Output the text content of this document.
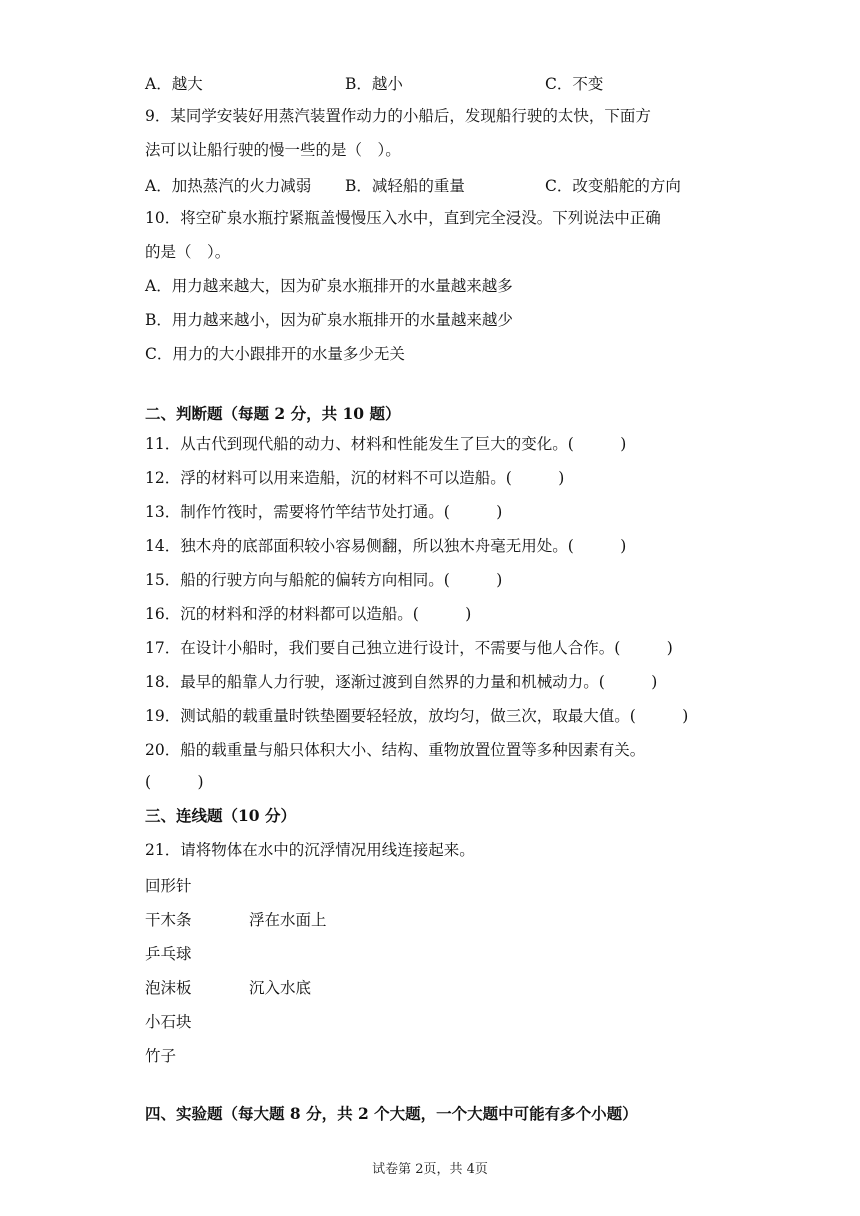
A．越大	B．越小	C．不变
9．某同学安装好用蒸汽装置作动力的小船后，发现船行驶的太快，下面方
法可以让船行驶的慢一些的是（　）。
A．加热蒸汽的火力减弱 B．减轻船的重量	C．改变船舵的方向
10．将空矿泉水瓶拧紧瓶盖慢慢压入水中，直到完全浸没。下列说法中正确
的是（　）。
A．用力越来越大，因为矿泉水瓶排开的水量越来越多
B．用力越来越小，因为矿泉水瓶排开的水量越来越少
C．用力的大小跟排开的水量多少无关
二、判断题（每题 2 分，共 10 题）
11．从古代到现代船的动力、材料和性能发生了巨大的变化。(　　　)
12．浮的材料可以用来造船，沉的材料不可以造船。(　　　)
13．制作竹筏时，需要将竹竿结节处打通。(　　　)
14．独木舟的底部面积较小容易侧翻，所以独木舟毫无用处。(　　　)
15．船的行驶方向与船舵的偏转方向相同。(　　　)
16．沉的材料和浮的材料都可以造船。(　　　)
17．在设计小船时，我们要自己独立进行设计，不需要与他人合作。(　　　)
18．最早的船靠人力行驶，逐渐过渡到自然界的力量和机械动力。(　　　)
19．测试船的载重量时铁垫圈要轻轻放，放均匀，做三次，取最大值。(　　　)
20．船的载重量与船只体积大小、结构、重物放置位置等多种因素有关。
(　　　)
三、连线题（10 分）
21．请将物体在水中的沉浮情况用线连接起来。
回形针
干木条
乒乓球
泡沫板
小石块
竹子
浮在水面上
沉入水底
四、实验题（每大题 8 分，共 2 个大题，一个大题中可能有多个小题）
试卷第 2页，共 4页
